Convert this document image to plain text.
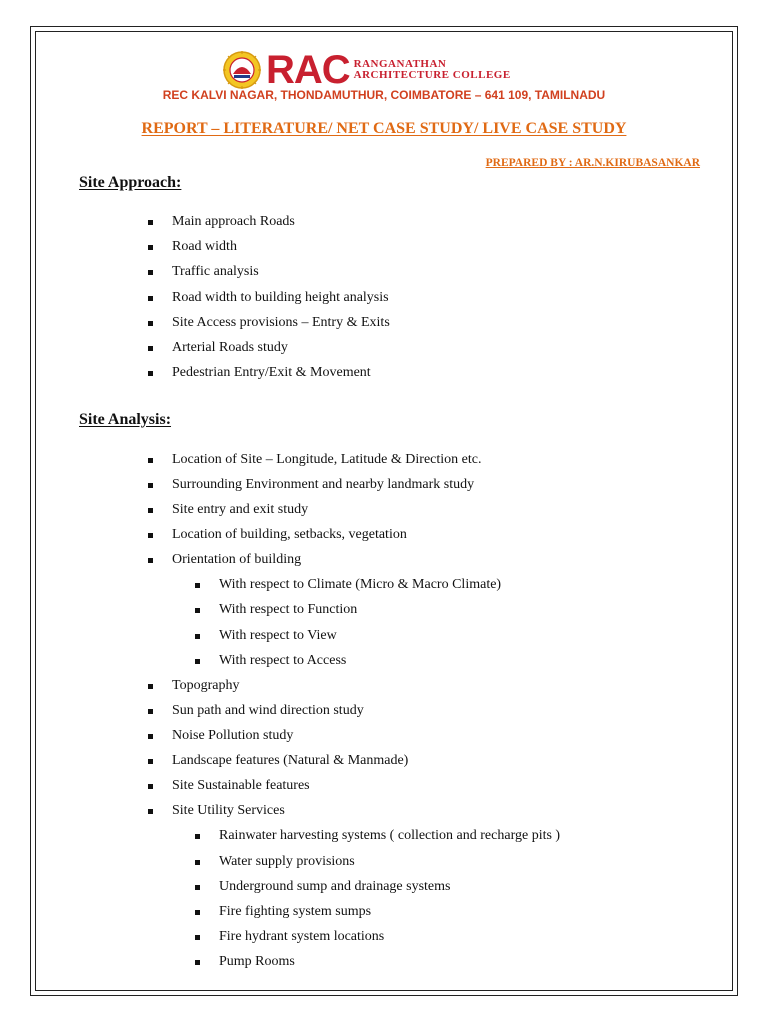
RAC RANGANATHAN
ARCHITECTURE COLLEGE
REC KALVI NAGAR, THONDAMUTHUR, COIMBATORE – 641 109, TAMILNADU
REPORT – LITERATURE/ NET CASE STUDY/ LIVE CASE STUDY
PREPARED BY : AR.N.KIRUBASANKAR
Site Approach:
Main approach Roads
Road width
Traffic analysis
Road width to building height analysis
Site Access provisions – Entry & Exits
Arterial Roads study
Pedestrian Entry/Exit & Movement
Site Analysis:
Location of Site – Longitude, Latitude & Direction etc.
Surrounding Environment and nearby landmark study
Site entry and exit study
Location of building, setbacks, vegetation
Orientation of building
With respect to Climate (Micro & Macro Climate)
With respect to Function
With respect to View
With respect to Access
Topography
Sun path and wind direction study
Noise Pollution study
Landscape features (Natural & Manmade)
Site Sustainable features
Site Utility Services
Rainwater harvesting systems ( collection and recharge pits )
Water supply provisions
Underground sump and drainage systems
Fire fighting system sumps
Fire hydrant system locations
Pump Rooms
